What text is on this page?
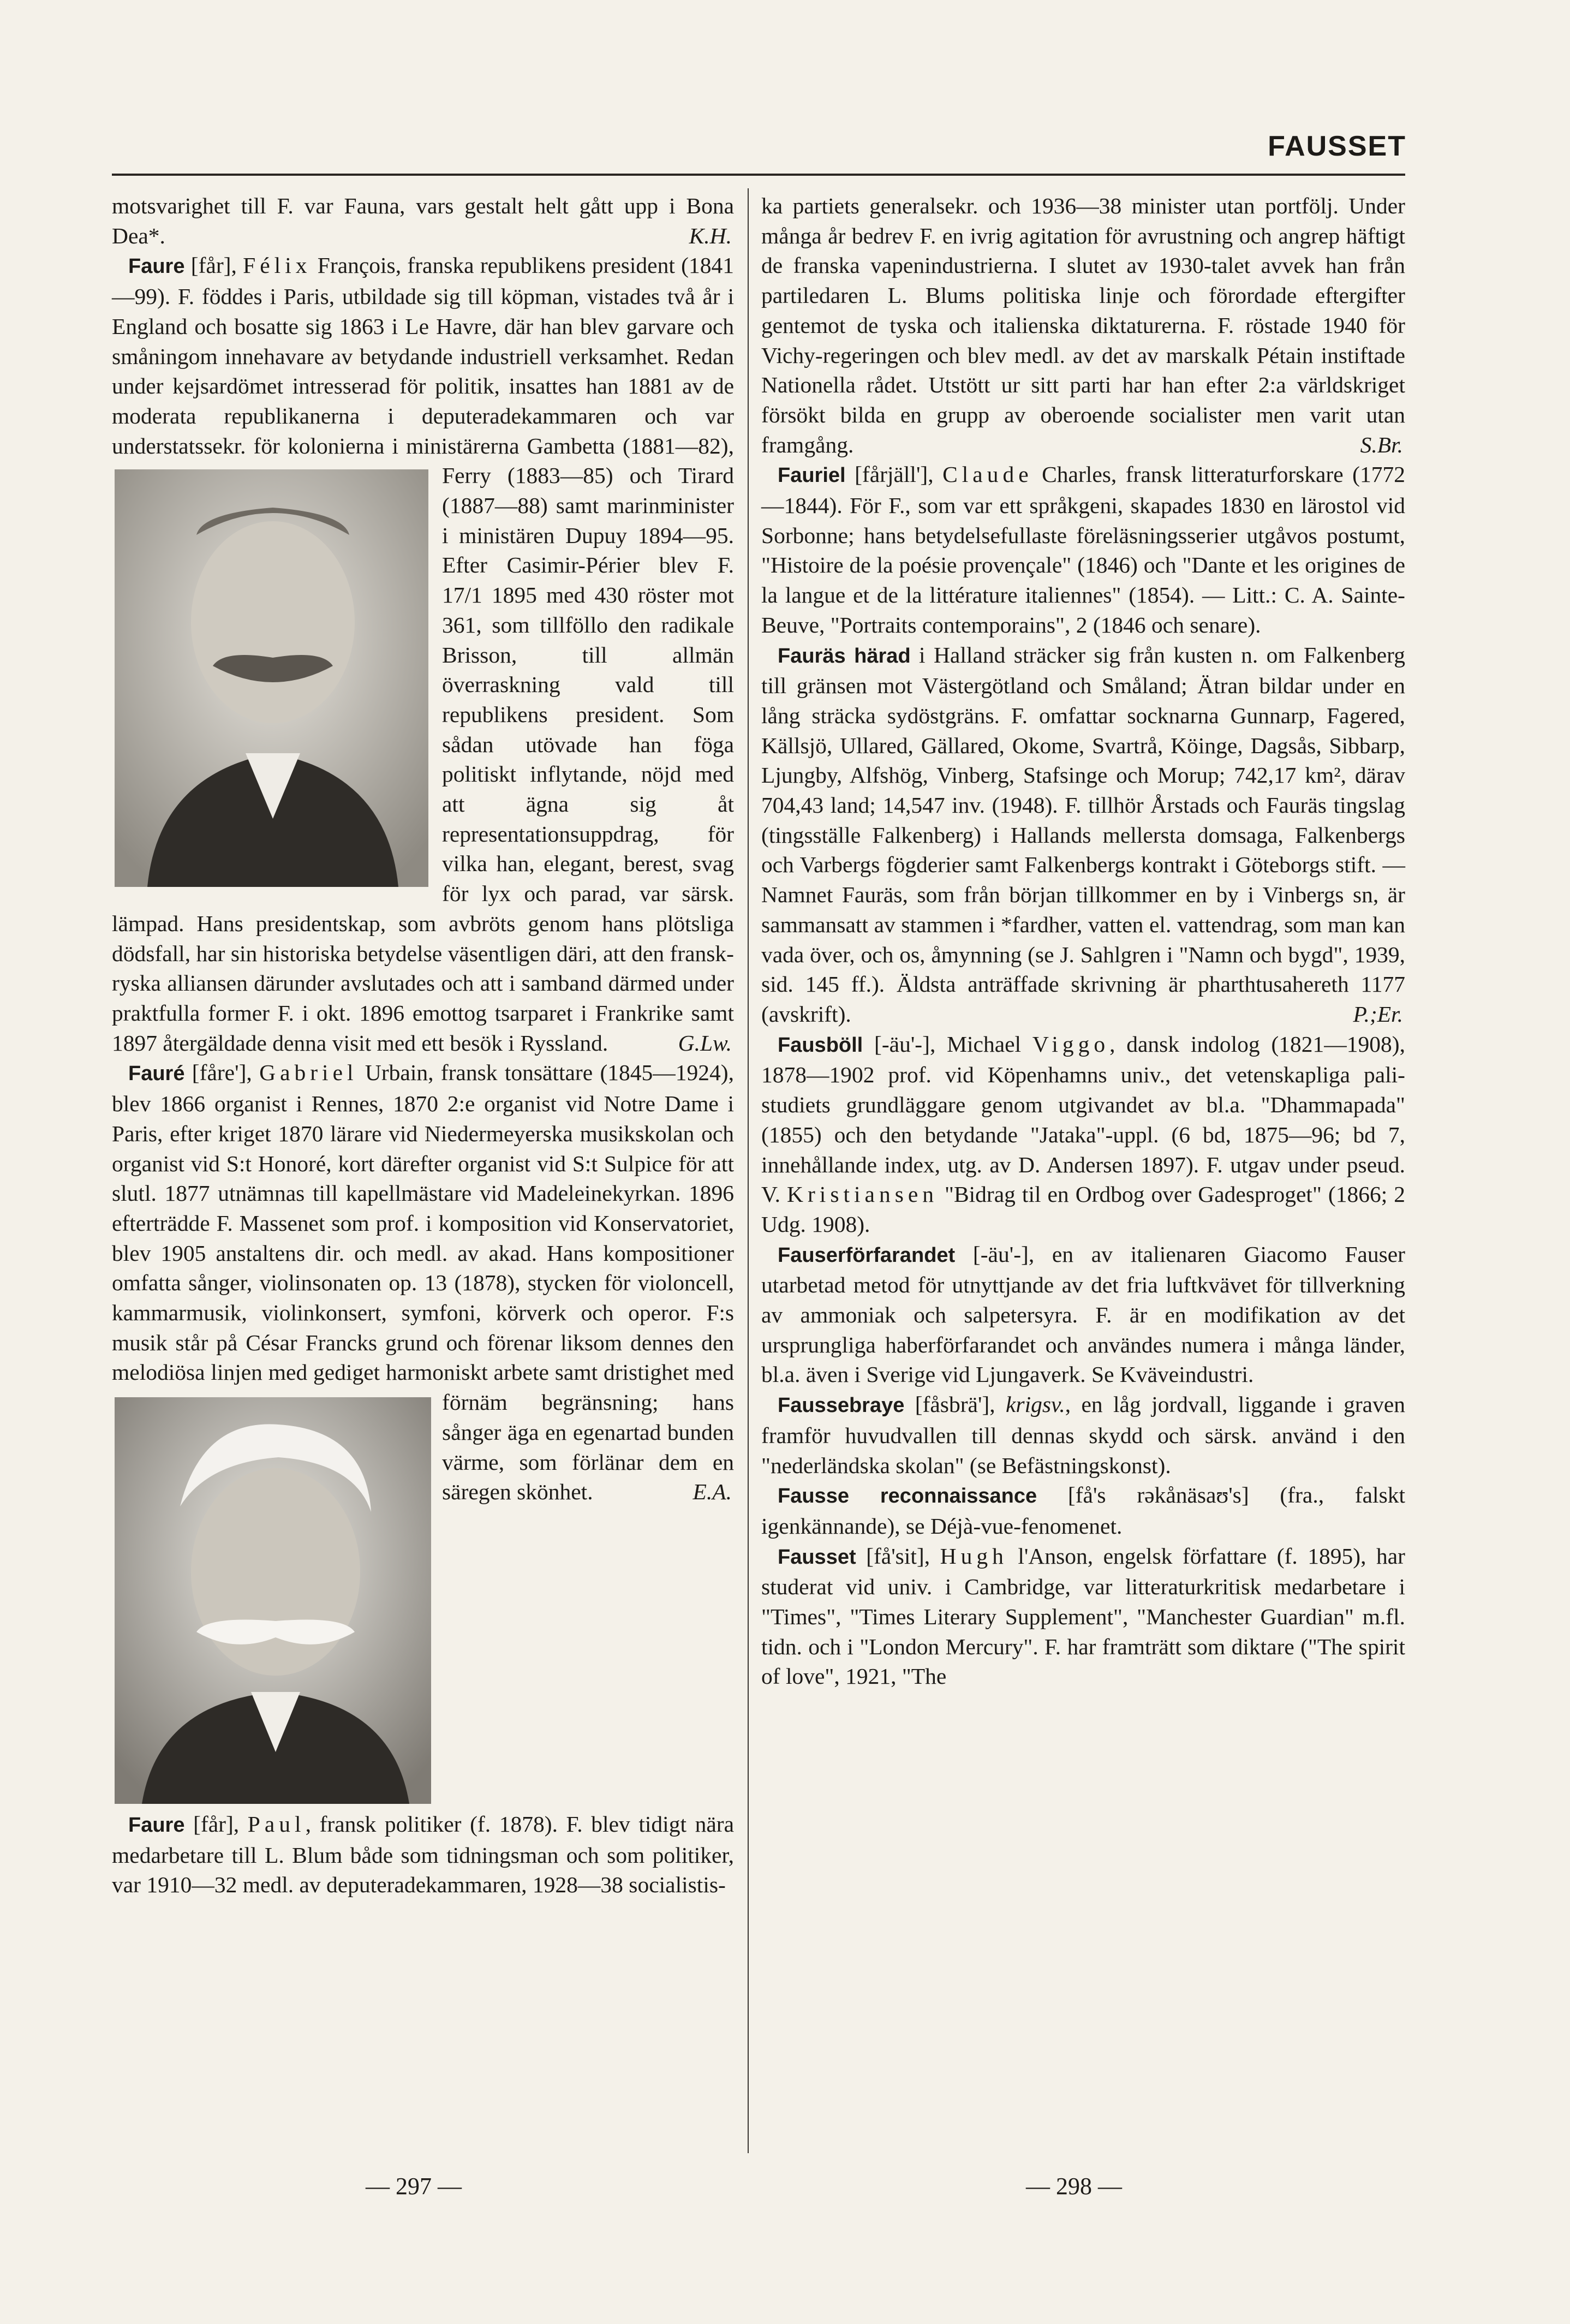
FAUSSET

motsvarighet till F. var Fauna, vars gestalt helt gått upp i Bona Dea*.	K.H.

Faure [får], Félix François, franska republikens president (1841—99). F. föddes i Paris, utbildade sig till köpman, vistades två år i England och bosatte sig 1863 i Le Havre, där han blev garvare och småningom innehavare av betydande industriell verksamhet. Redan under kejsardömet intresserad för politik, insattes han 1881 av de moderata republikanerna i deputeradekammaren och var understatssekr. för kolonierna i ministärerna Gambetta (1881—82), Ferry (1883—85) och Tirard (1887—88) samt marinminister i ministären Dupuy 1894—95. Efter Casimir-Périer blev F. 17/1 1895 med 430 röster mot 361, som tillföllo den radikale Brisson, till allmän överraskning vald till republikens president. Som sådan utövade han föga politiskt inflytande, nöjd med att ägna sig åt representationsuppdrag, för vilka han, elegant, berest, svag för lyx och parad, var särsk. lämpad. Hans presidentskap, som avbröts genom hans plötsliga dödsfall, har sin historiska betydelse väsentligen däri, att den fransk-ryska alliansen därunder avslutades och att i samband därmed under praktfulla former F. i okt. 1896 emottog tsarparet i Frankrike samt 1897 återgäldade denna visit med ett besök i Ryssland.	G.Lw.

Fauré [fåre'], Gabriel Urbain, fransk tonsättare (1845—1924), blev 1866 organist i Rennes, 1870 2:e organist vid Notre Dame i Paris, efter kriget 1870 lärare vid Niedermeyerska musikskolan och organist vid S:t Honoré, kort därefter organist vid S:t Sulpice för att slutl. 1877 utnämnas till kapellmästare vid Madeleinekyrkan. 1896 efterträdde F. Massenet som prof. i komposition vid Konservatoriet, blev 1905 anstaltens dir. och medl. av akad. Hans kompositioner omfatta sånger, violinsonaten op. 13 (1878), stycken för violoncell, kammarmusik, violinkonsert, symfoni, körverk och operor. F:s musik står på César Francks grund och förenar liksom dennes den melodiösa linjen med gediget harmoniskt arbete samt dristighet med förnäm begränsning; hans sånger äga en egenartad bunden värme, som förlänar dem en säregen skönhet.	E.A.

Faure [får], Paul, fransk politiker (f. 1878). F. blev tidigt nära medarbetare till L. Blum både som tidningsman och som politiker, var 1910—32 medl. av deputeradekammaren, 1928—38 socialistis-

ka partiets generalsekr. och 1936—38 minister utan portfölj. Under många år bedrev F. en ivrig agitation för avrustning och angrep häftigt de franska vapenindustrierna. I slutet av 1930-talet avvek han från partiledaren L. Blums politiska linje och förordade eftergifter gentemot de tyska och italienska diktaturerna. F. röstade 1940 för Vichy-regeringen och blev medl. av det av marskalk Pétain instiftade Nationella rådet. Utstött ur sitt parti har han efter 2:a världskriget försökt bilda en grupp av oberoende socialister men varit utan framgång.	S.Br.

Fauriel [fårjäll'], Claude Charles, fransk litteraturforskare (1772—1844). För F., som var ett språkgeni, skapades 1830 en lärostol vid Sorbonne; hans betydelsefullaste föreläsningsserier utgåvos postumt, "Histoire de la poésie provençale" (1846) och "Dante et les origines de la langue et de la littérature italiennes" (1854). — Litt.: C. A. Sainte-Beuve, "Portraits contemporains", 2 (1846 och senare).

Fauräs härad i Halland sträcker sig från kusten n. om Falkenberg till gränsen mot Västergötland och Småland; Ätran bildar under en lång sträcka sydöstgräns. F. omfattar socknarna Gunnarp, Fagered, Källsjö, Ullared, Gällared, Okome, Svartrå, Köinge, Dagsås, Sibbarp, Ljungby, Alfshög, Vinberg, Stafsinge och Morup; 742,17 km², därav 704,43 land; 14,547 inv. (1948). F. tillhör Årstads och Fauräs tingslag (tingsställe Falkenberg) i Hallands mellersta domsaga, Falkenbergs och Varbergs fögderier samt Falkenbergs kontrakt i Göteborgs stift. — Namnet Fauräs, som från början tillkommer en by i Vinbergs sn, är sammansatt av stammen i *fardher, vatten el. vattendrag, som man kan vada över, och os, åmynning (se J. Sahlgren i "Namn och bygd", 1939, sid. 145 ff.). Äldsta anträffade skrivning är pharthtusahereth 1177 (avskrift).	P.;Er.

Fausböll [-äu'-], Michael Viggo, dansk indolog (1821—1908), 1878—1902 prof. vid Köpenhamns univ., det vetenskapliga pali-studiets grundläggare genom utgivandet av bl.a. "Dhammapada" (1855) och den betydande "Jataka"-uppl. (6 bd, 1875—96; bd 7, innehållande index, utg. av D. Andersen 1897). F. utgav under pseud. V. Kristiansen "Bidrag til en Ordbog over Gadesproget" (1866; 2 Udg. 1908).

Fauserförfarandet [-äu'-], en av italienaren Giacomo Fauser utarbetad metod för utnyttjande av det fria luftkvävet för tillverkning av ammoniak och salpetersyra. F. är en modifikation av det ursprungliga haberförfarandet och användes numera i många länder, bl.a. även i Sverige vid Ljungaverk. Se Kväveindustri.

Faussebraye [fåsbrä'], krigsv., en låg jordvall, liggande i graven framför huvudvallen till dennas skydd och särsk. använd i den "nederländska skolan" (se Befästningskonst).

Fausse reconnaissance [få's rəkånäsaʊ's] (fra., falskt igenkännande), se Déjà-vue-fenomenet.

Fausset [få'sit], Hugh l'Anson, engelsk författare (f. 1895), har studerat vid univ. i Cambridge, var litteraturkritisk medarbetare i "Times", "Times Literary Supplement", "Manchester Guardian" m.fl. tidn. och i "London Mercury". F. har framträtt som diktare ("The spirit of love", 1921, "The

— 297 —	— 298 —
